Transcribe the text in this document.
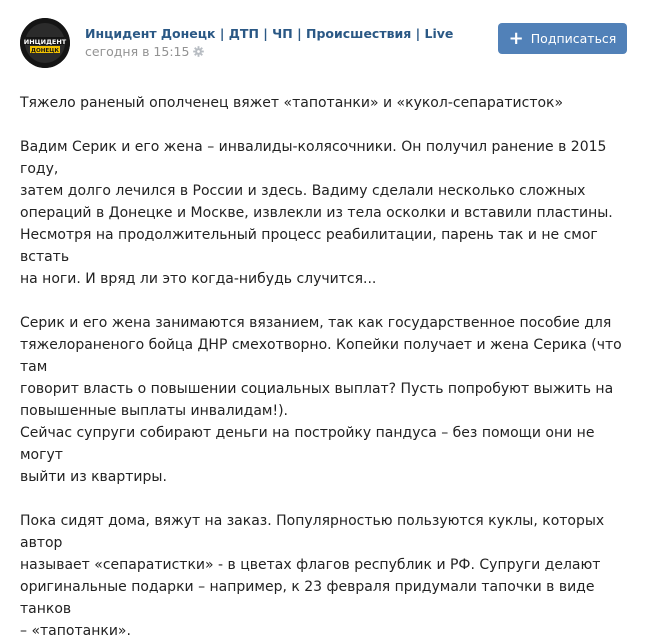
ИНЦИДЕНТ
ДОНЕЦК
Инцидент Донецк | ДТП | ЧП | Происшествия | Live
сегодня в 15:15
+ Подписаться

Тяжело раненый ополченец вяжет «тапотанки» и «кукол-сепаратисток»

Вадим Серик и его жена – инвалиды-колясочники. Он получил ранение в 2015 году,
затем долго лечился в России и здесь. Вадиму сделали несколько сложных
операций в Донецке и Москве, извлекли из тела осколки и вставили пластины.
Несмотря на продолжительный процесс реабилитации, парень так и не смог встать
на ноги. И вряд ли это когда-нибудь случится...

Серик и его жена занимаются вязанием, так как государственное пособие для
тяжелораненого бойца ДНР смехотворно. Копейки получает и жена Серика (что там
говорит власть о повышении социальных выплат? Пусть попробуют выжить на
повышенные выплаты инвалидам!).
Сейчас супруги собирают деньги на постройку пандуса – без помощи они не могут
выйти из квартиры.

Пока сидят дома, вяжут на заказ. Популярностью пользуются куклы, которых автор
называет «сепаратистки» - в цветах флагов республик и РФ. Супруги делают
оригинальные подарки – например, к 23 февраля придумали тапочки в виде танков
– «тапотанки».
